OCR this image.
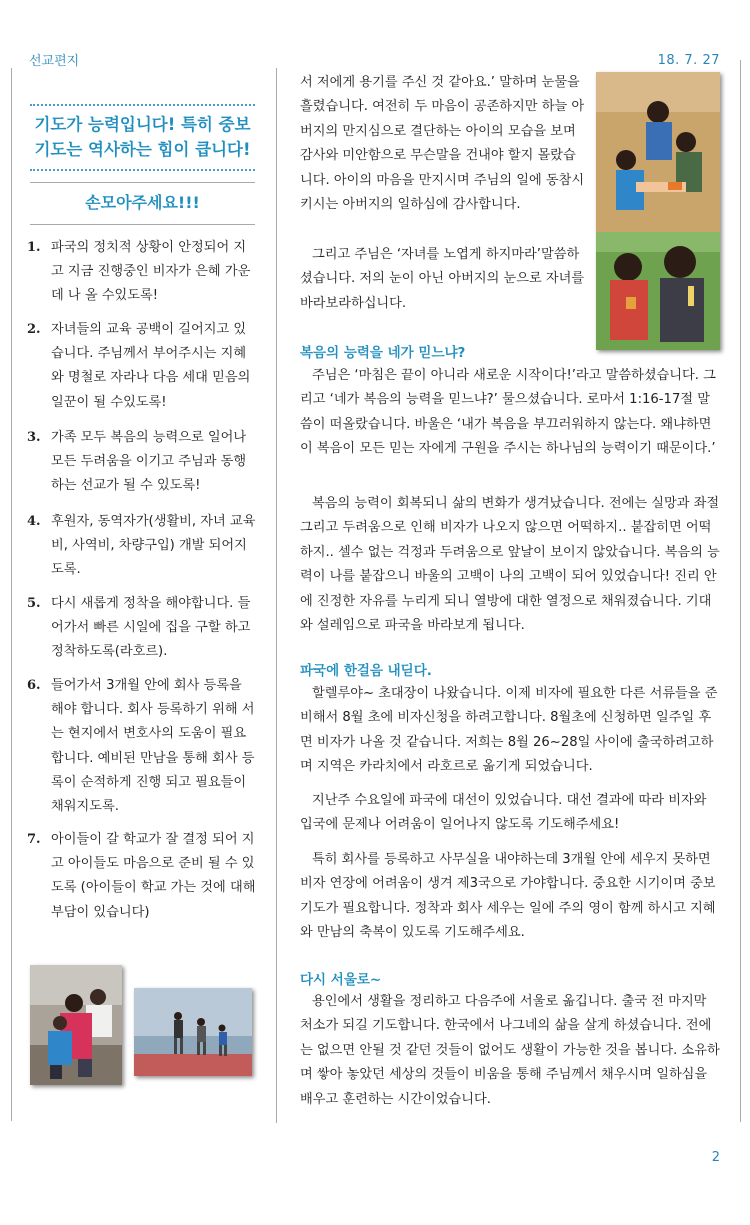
선교편지	18. 7. 27
기도가 능력입니다! 특히 중보
기도는 역사하는 힘이 큽니다!
손모아주세요!!!
1. 파국의 정치적 상황이 안정되어 지고 지금 진행중인 비자가 은혜 가운데 나 올 수있도록!
2. 자녀들의 교육 공백이 길어지고 있습니다. 주님께서 부어주시는 지혜와 명철로 자라나 다음 세대 믿음의 일꾼이 될 수있도록!
3. 가족 모두 복음의 능력으로 일어나 모든 두려움을 이기고 주님과 동행하는 선교가 될 수 있도록!
4. 후원자, 동역자가(생활비, 자녀 교육비, 사역비, 차량구입) 개발 되어지도록.
5. 다시 새롭게 정착을 해야합니다. 들어가서 빠른 시일에 집을 구할 하고 정착하도록(라호르).
6. 들어가서 3개월 안에 회사 등록을 해야 합니다. 회사 등록하기 위해 서는 현지에서 변호사의 도움이 필요합니다. 예비된 만남을 통해 회사 등록이 순적하게 진행 되고 필요들이 채워지도록.
7. 아이들이 갈 학교가 잘 결정 되어 지고 아이들도 마음으로 준비 될 수 있도록 (아이들이 학교 가는 것에 대해 부담이 있습니다)
서 저에게 용기를 주신 것 같아요.’ 말하며 눈물을 흘렸습니다. 여전히 두 마음이 공존하지만 하늘 아버지의 만지심으로 결단하는 아이의 모습을 보며 감사와 미안함으로 무슨말을 건내야 할지 몰랐습니다. 아이의 마음을 만지시며 주님의 일에 동참시키시는 아버지의 일하심에 감사합니다.
그리고 주님은 ‘자녀를 노엽게 하지마라’말씀하셨습니다. 저의 눈이 아닌 아버지의 눈으로 자녀를 바라보라하십니다.
복음의 능력을 네가 믿느냐?
주님은 ‘마침은 끝이 아니라 새로운 시작이다!’라고 말씀하셨습니다. 그리고 ‘네가 복음의 능력을 믿느냐?’ 물으셨습니다. 로마서 1:16-17절 말씀이 떠올랐습니다. 바울은 ‘내가 복음을 부끄러워하지 않는다. 왜냐하면 이 복음이 모든 믿는 자에게 구원을 주시는 하나님의 능력이기 때문이다.’
복음의 능력이 회복되니 삶의 변화가 생겨났습니다. 전에는 실망과 좌절 그리고 두려움으로 인해 비자가 나오지 않으면 어떡하지.. 붙잡히면 어떡하지.. 셀수 없는 걱정과 두려움으로 앞날이 보이지 않았습니다. 복음의 능력이 나를 붙잡으니 바울의 고백이 나의 고백이 되어 있었습니다! 진리 안에 진정한 자유를 누리게 되니 열방에 대한 열정으로 채워졌습니다. 기대와 설레임으로 파국을 바라보게 됩니다.
파국에 한걸음 내딛다.
할렐루야~ 초대장이 나왔습니다. 이제 비자에 필요한 다른 서류들을 준비해서 8월 초에 비자신청을 하려고합니다. 8월초에 신청하면 일주일 후면 비자가 나올 것 같습니다. 저희는 8월 26~28일 사이에 출국하려고하며 지역은 카라치에서 라호르로 옮기게 되었습니다.
지난주 수요일에 파국에 대선이 있었습니다. 대선 결과에 따라 비자와 입국에 문제나 어려움이 일어나지 않도록 기도해주세요!
특히 회사를 등록하고 사무실을 내야하는데 3개월 안에 세우지 못하면 비자 연장에 어려움이 생겨 제3국으로 가야합니다. 중요한 시기이며 중보기도가 필요합니다. 정착과 회사 세우는 일에 주의 영이 함께 하시고 지혜와 만남의 축복이 있도록 기도해주세요.
다시 서울로~
용인에서 생활을 정리하고 다음주에 서울로 옮깁니다. 출국 전 마지막 처소가 되길 기도합니다. 한국에서 나그네의 삶을 살게 하셨습니다. 전에는 없으면 안될 것 같던 것들이 없어도 생활이 가능한 것을 봅니다. 소유하며 쌓아 놓았던 세상의 것들이 비움을 통해 주님께서 채우시며 일하심을 배우고 훈련하는 시간이었습니다.
2
